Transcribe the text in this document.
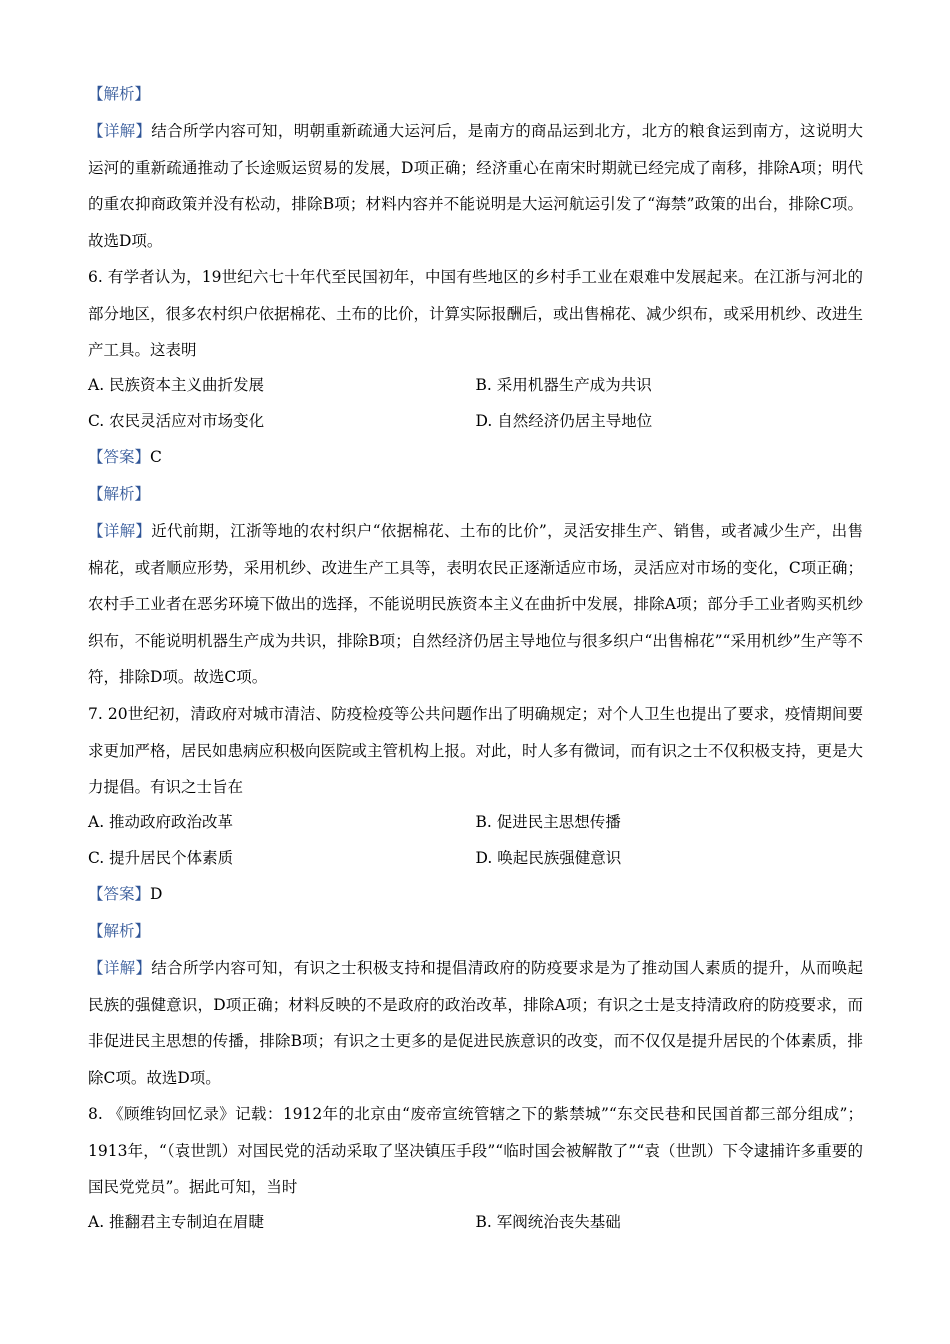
【解析】
【详解】结合所学内容可知，明朝重新疏通大运河后，是南方的商品运到北方，北方的粮食运到南方，这说明大运河的重新疏通推动了长途贩运贸易的发展，D项正确；经济重心在南宋时期就已经完成了南移，排除A项；明代的重农抑商政策并没有松动，排除B项；材料内容并不能说明是大运河航运引发了“海禁”政策的出台，排除C项。故选D项。
6. 有学者认为，19世纪六七十年代至民国初年，中国有些地区的乡村手工业在艰难中发展起来。在江浙与河北的部分地区，很多农村织户依据棉花、土布的比价，计算实际报酬后，或出售棉花、减少织布，或采用机纱、改进生产工具。这表明
A. 民族资本主义曲折发展	B. 采用机器生产成为共识
C. 农民灵活应对市场变化	D. 自然经济仍居主导地位
【答案】C
【解析】
【详解】近代前期，江浙等地的农村织户“依据棉花、土布的比价”，灵活安排生产、销售，或者减少生产，出售棉花，或者顺应形势，采用机纱、改进生产工具等，表明农民正逐渐适应市场，灵活应对市场的变化，C项正确；农村手工业者在恶劣环境下做出的选择，不能说明民族资本主义在曲折中发展，排除A项；部分手工业者购买机纱织布，不能说明机器生产成为共识，排除B项；自然经济仍居主导地位与很多织户“出售棉花”“采用机纱”生产等不符，排除D项。故选C项。
7. 20世纪初，清政府对城市清洁、防疫检疫等公共问题作出了明确规定；对个人卫生也提出了要求，疫情期间要求更加严格，居民如患病应积极向医院或主管机构上报。对此，时人多有微词，而有识之士不仅积极支持，更是大力提倡。有识之士旨在
A. 推动政府政治改革	B. 促进民主思想传播
C. 提升居民个体素质	D. 唤起民族强健意识
【答案】D
【解析】
【详解】结合所学内容可知，有识之士积极支持和提倡清政府的防疫要求是为了推动国人素质的提升，从而唤起民族的强健意识，D项正确；材料反映的不是政府的政治改革，排除A项；有识之士是支持清政府的防疫要求，而非促进民主思想的传播，排除B项；有识之士更多的是促进民族意识的改变，而不仅仅是提升居民的个体素质，排除C项。故选D项。
8. 《顾维钧回忆录》记载：1912年的北京由“废帝宣统管辖之下的紫禁城”“东交民巷和民国首都三部分组成”；1913年，“（袁世凯）对国民党的活动采取了坚决镇压手段”“临时国会被解散了”“袁（世凯）下令逮捕许多重要的国民党党员”。据此可知，当时
A. 推翻君主专制迫在眉睫	B. 军阀统治丧失基础
